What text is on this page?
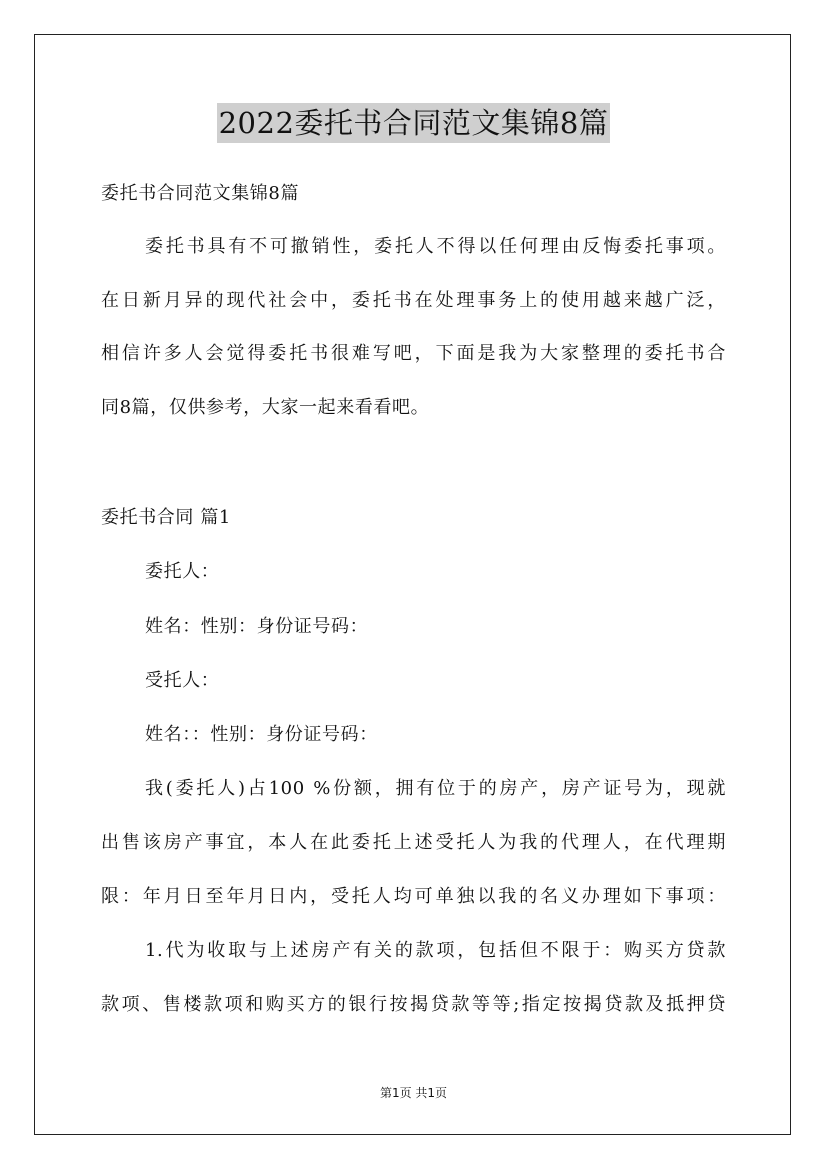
2022委托书合同范文集锦8篇
委托书合同范文集锦8篇
委托书具有不可撤销性，委托人不得以任何理由反悔委托事项。
在日新月异的现代社会中，委托书在处理事务上的使用越来越广泛，
相信许多人会觉得委托书很难写吧，下面是我为大家整理的委托书合
同8篇，仅供参考，大家一起来看看吧。
委托书合同 篇1
委托人：
姓名：性别：身份证号码：
受托人：
姓名：：性别：身份证号码：
我(委托人)占100 %份额，拥有位于的房产，房产证号为，现就
出售该房产事宜，本人在此委托上述受托人为我的代理人，在代理期
限：年月日至年月日内，受托人均可单独以我的名义办理如下事项：
1.代为收取与上述房产有关的款项，包括但不限于：购买方贷款
款项、售楼款项和购买方的银行按揭贷款等等;指定按揭贷款及抵押贷
第1页 共1页
